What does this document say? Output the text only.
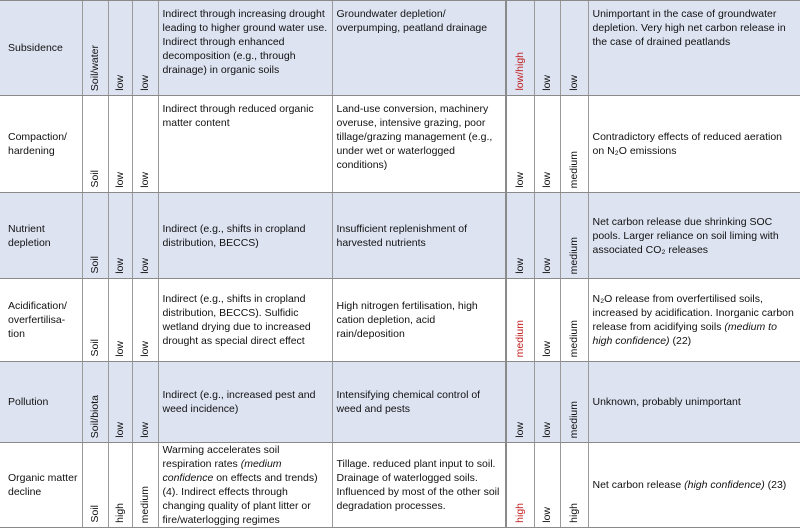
Subsidence	Soil/water	low	low	Indirect through increasing drought leading to higher ground water use. Indirect through enhanced decomposition (e.g., through drainage) in organic soils	Groundwater depletion/ overpumping, peatland drainage	low/high	low	low	Unimportant in the case of groundwater depletion. Very high net carbon release in the case of drained peatlands
Compaction/ hardening	Soil	low	low	Indirect through reduced organic matter content	Land-use conversion, machinery overuse, intensive grazing, poor tillage/grazing management (e.g., under wet or waterlogged conditions)	low	low	medium	Contradictory effects of reduced aeration on N₂O emissions
Nutrient depletion	Soil	low	low	Indirect (e.g., shifts in cropland distribution, BECCS)	Insufficient replenishment of harvested nutrients	low	low	medium	Net carbon release due shrinking SOC pools. Larger reliance on soil liming with associated CO₂ releases
Acidification/ overfertilisa-tion	Soil	low	low	Indirect (e.g., shifts in cropland distribution, BECCS). Sulfidic wetland drying due to increased drought as special direct effect	High nitrogen fertilisation, high cation depletion, acid rain/deposition	medium	low	medium	N₂O release from overfertilised soils, increased by acidification. Inorganic carbon release from acidifying soils (medium to high confidence) (22)
Pollution	Soil/biota	low	low	Indirect (e.g., increased pest and weed incidence)	Intensifying chemical control of weed and pests	low	low	medium	Unknown, probably unimportant
Organic matter decline	Soil	high	medium	Warming accelerates soil respiration rates (medium confidence on effects and trends) (4). Indirect effects through changing quality of plant litter or fire/waterlogging regimes	Tillage. reduced plant input to soil. Drainage of waterlogged soils. Influenced by most of the other soil degradation processes.	high	low	high	Net carbon release (high confidence) (23)
